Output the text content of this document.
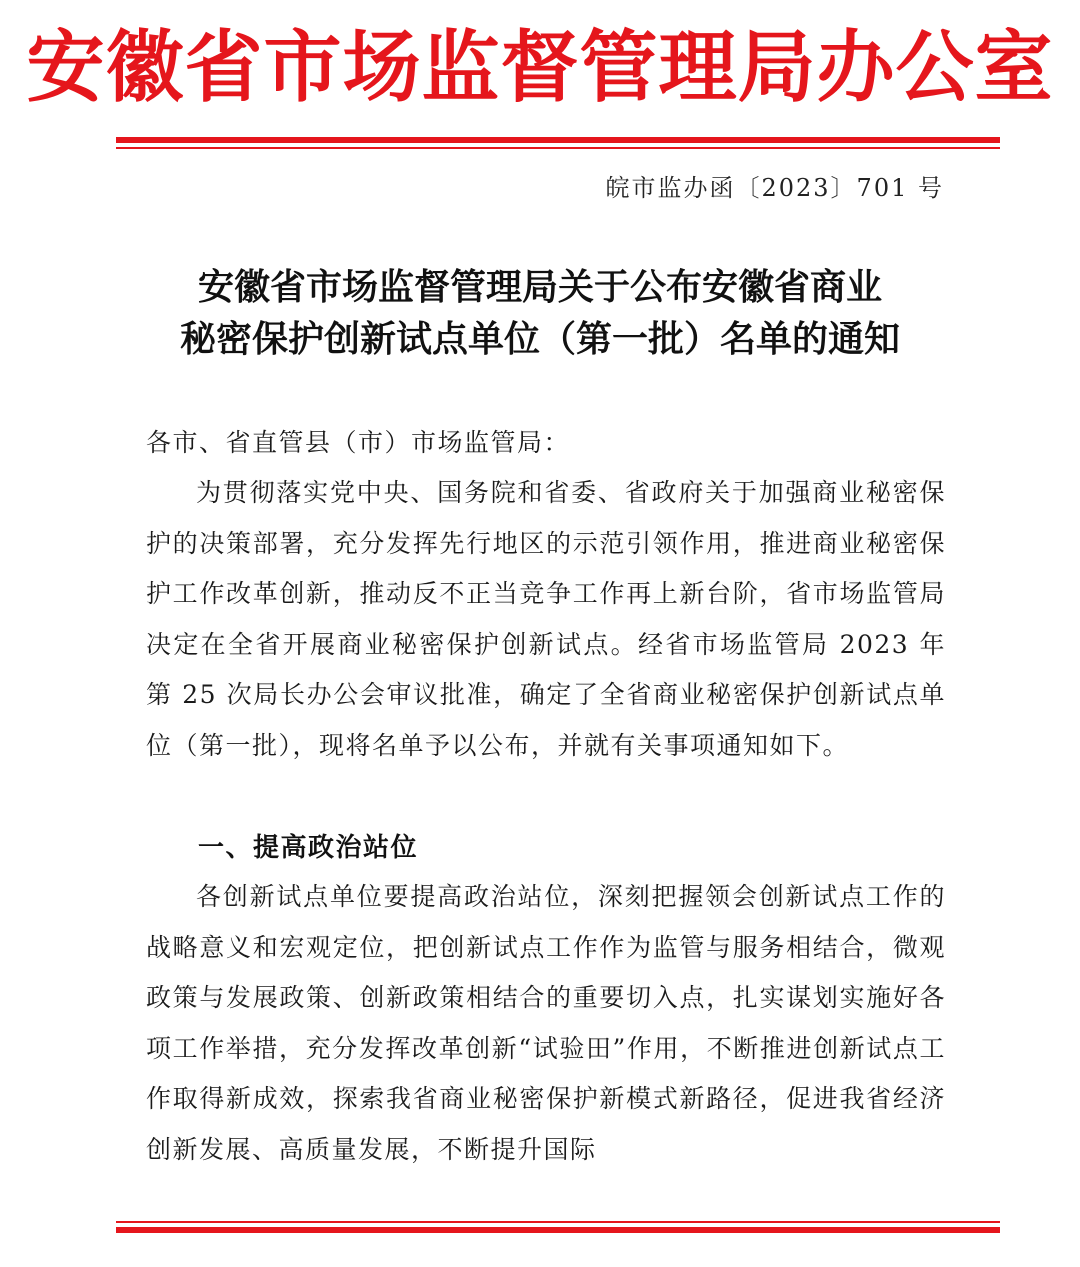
安徽省市场监督管理局办公室
皖市监办函〔2023〕701 号
安徽省市场监督管理局关于公布安徽省商业
秘密保护创新试点单位（第一批）名单的通知
各市、省直管县（市）市场监管局：
为贯彻落实党中央、国务院和省委、省政府关于加强商业秘密保护的决策部署，充分发挥先行地区的示范引领作用，推进商业秘密保护工作改革创新，推动反不正当竞争工作再上新台阶，省市场监管局决定在全省开展商业秘密保护创新试点。经省市场监管局 2023 年第 25 次局长办公会审议批准，确定了全省商业秘密保护创新试点单位（第一批），现将名单予以公布，并就有关事项通知如下。
一、提高政治站位
各创新试点单位要提高政治站位，深刻把握领会创新试点工作的战略意义和宏观定位，把创新试点工作作为监管与服务相结合，微观政策与发展政策、创新政策相结合的重要切入点，扎实谋划实施好各项工作举措，充分发挥改革创新“试验田”作用，不断推进创新试点工作取得新成效，探索我省商业秘密保护新模式新路径，促进我省经济创新发展、高质量发展，不断提升国际
